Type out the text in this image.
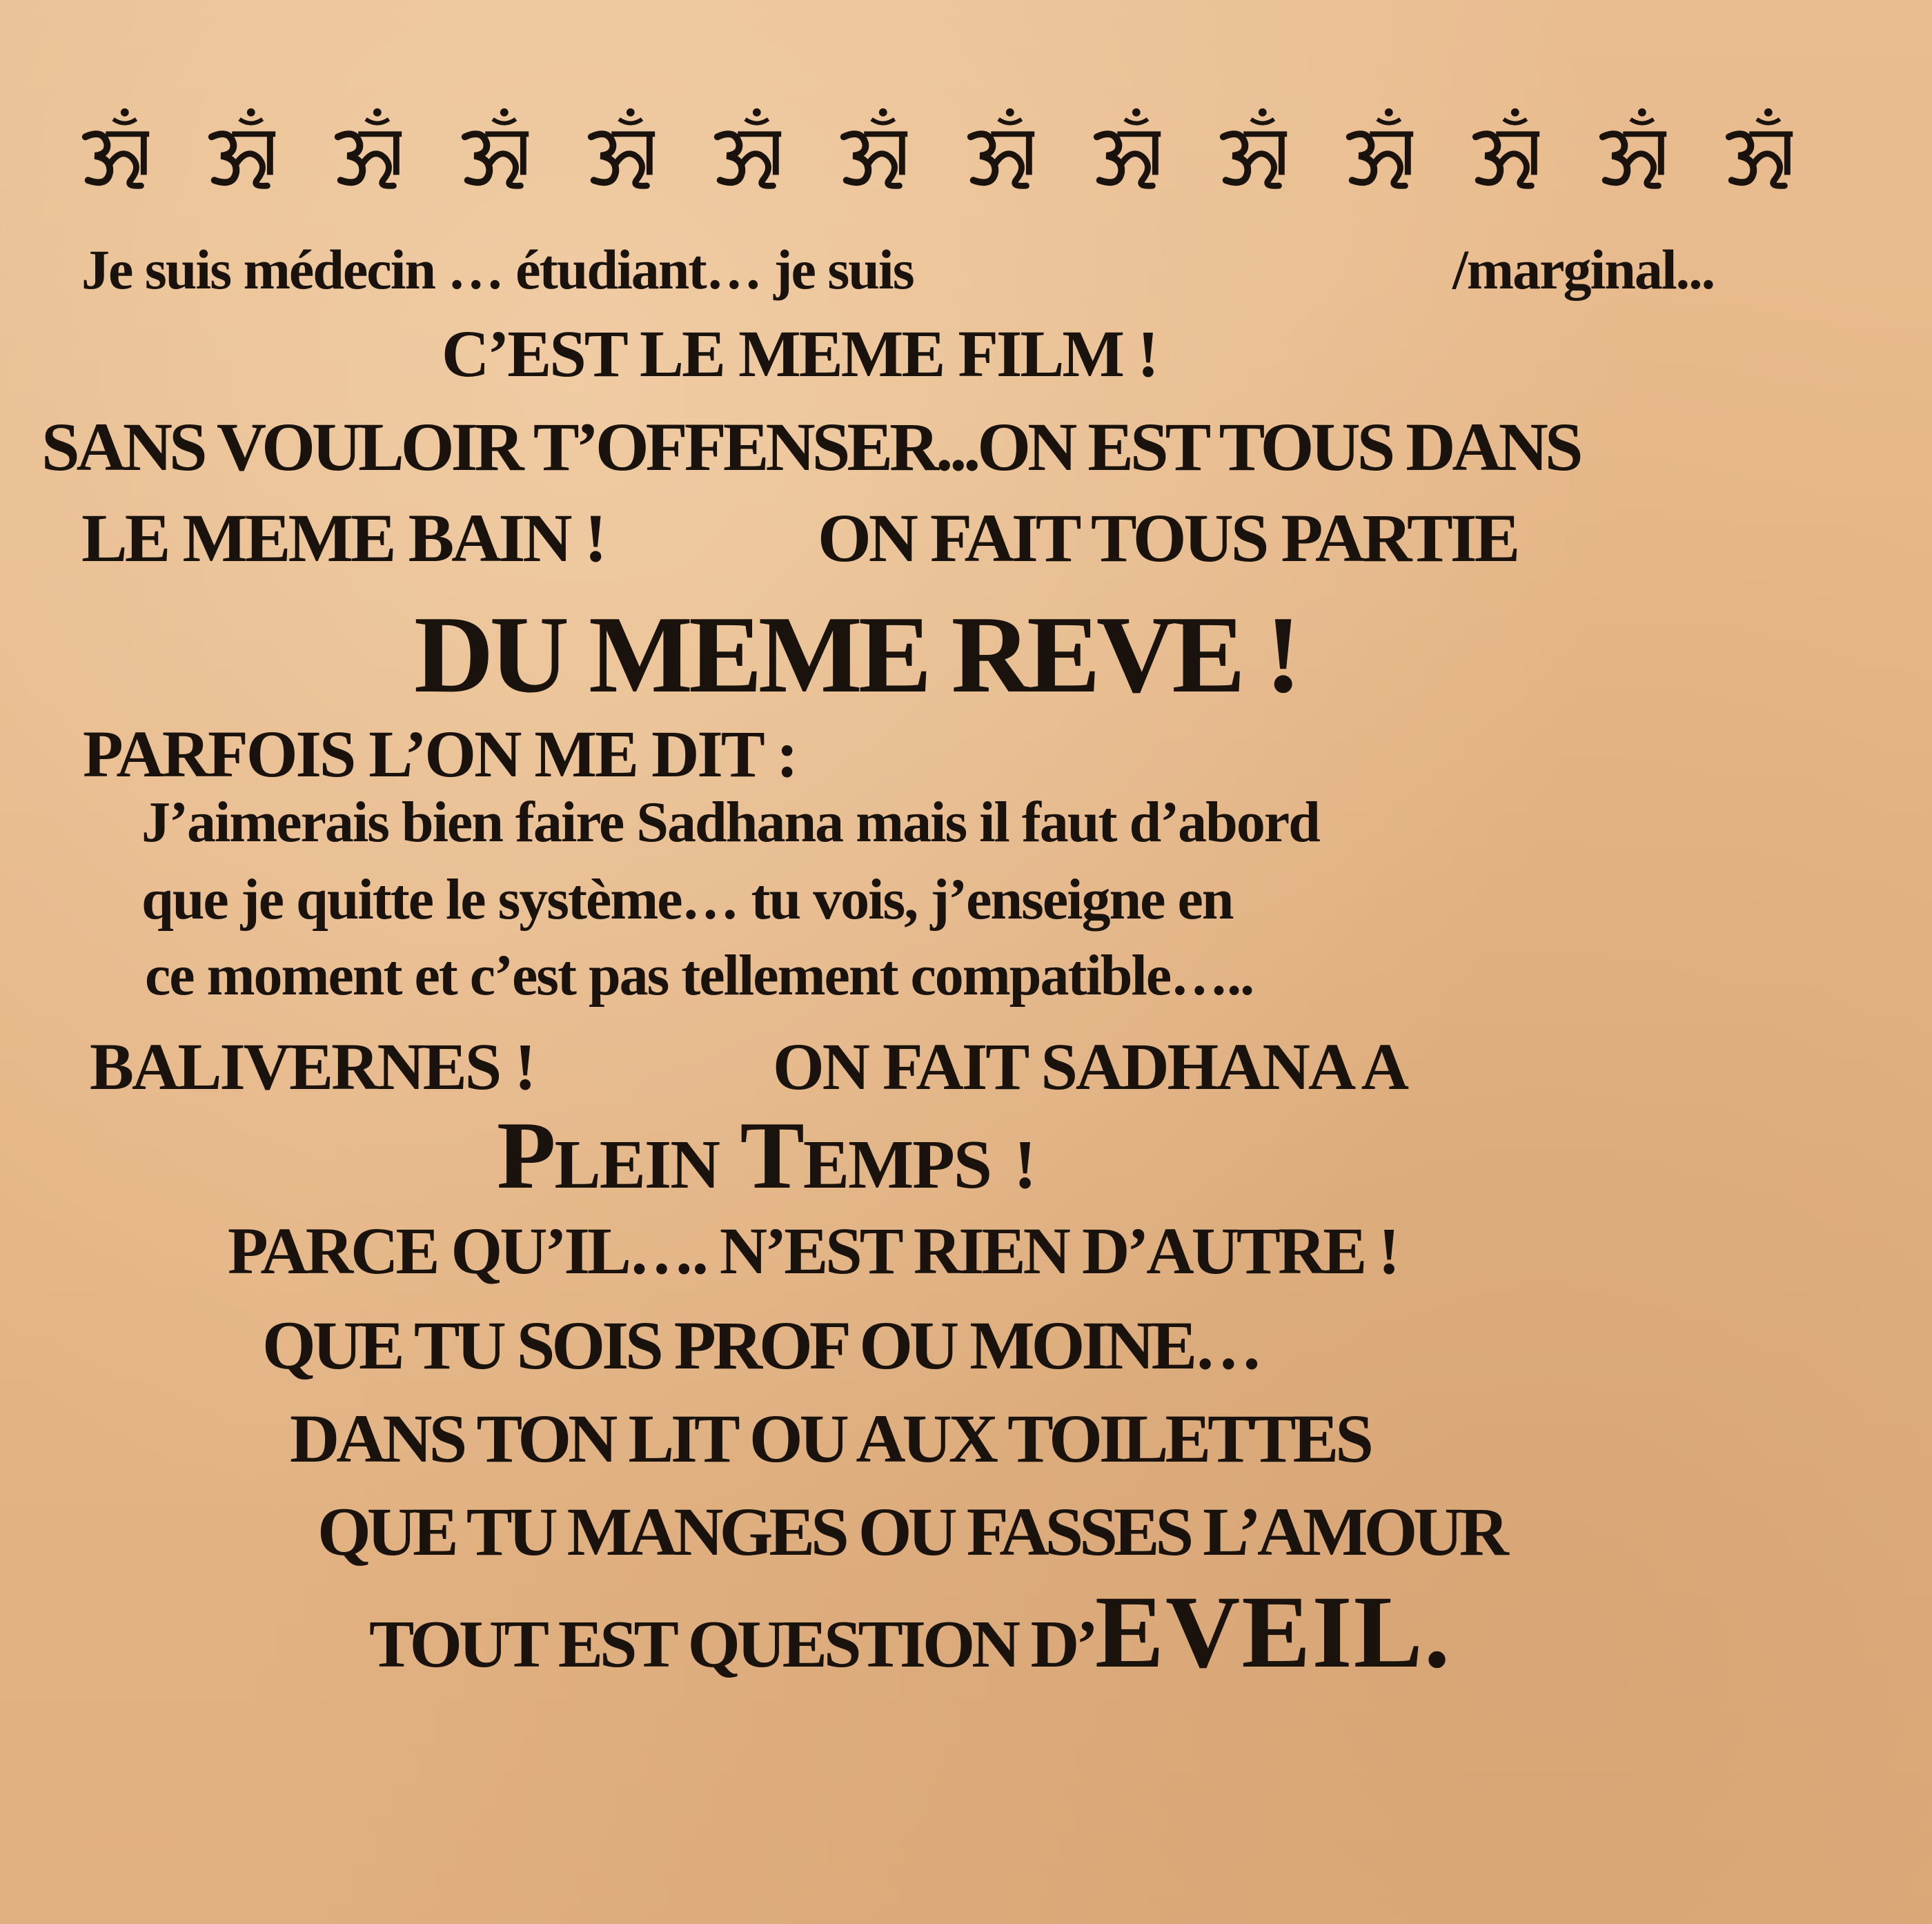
Je suis médecin … étudiant… je suis	/marginal...
C’EST LE MEME FILM !
SANS VOULOIR T’OFFENSER...ON EST TOUS DANS
LE MEME BAIN !	ON FAIT TOUS PARTIE
DU MEME REVE !
PARFOIS L’ON ME DIT :
J’aimerais bien faire Sadhana mais il faut d’abord
que je quitte le système… tu vois, j’enseigne en
ce moment et c’est pas tellement compatible…..
BALIVERNES !	ON FAIT SADHANA A
PLEIN TEMPS !
PARCE QU’IL…. N’EST RIEN D’AUTRE !
QUE TU SOIS PROF OU MOINE…
DANS TON LIT OU AUX TOILETTES
QUE TU MANGES OU FASSES L’AMOUR
TOUT EST QUESTION D’EVEIL.
